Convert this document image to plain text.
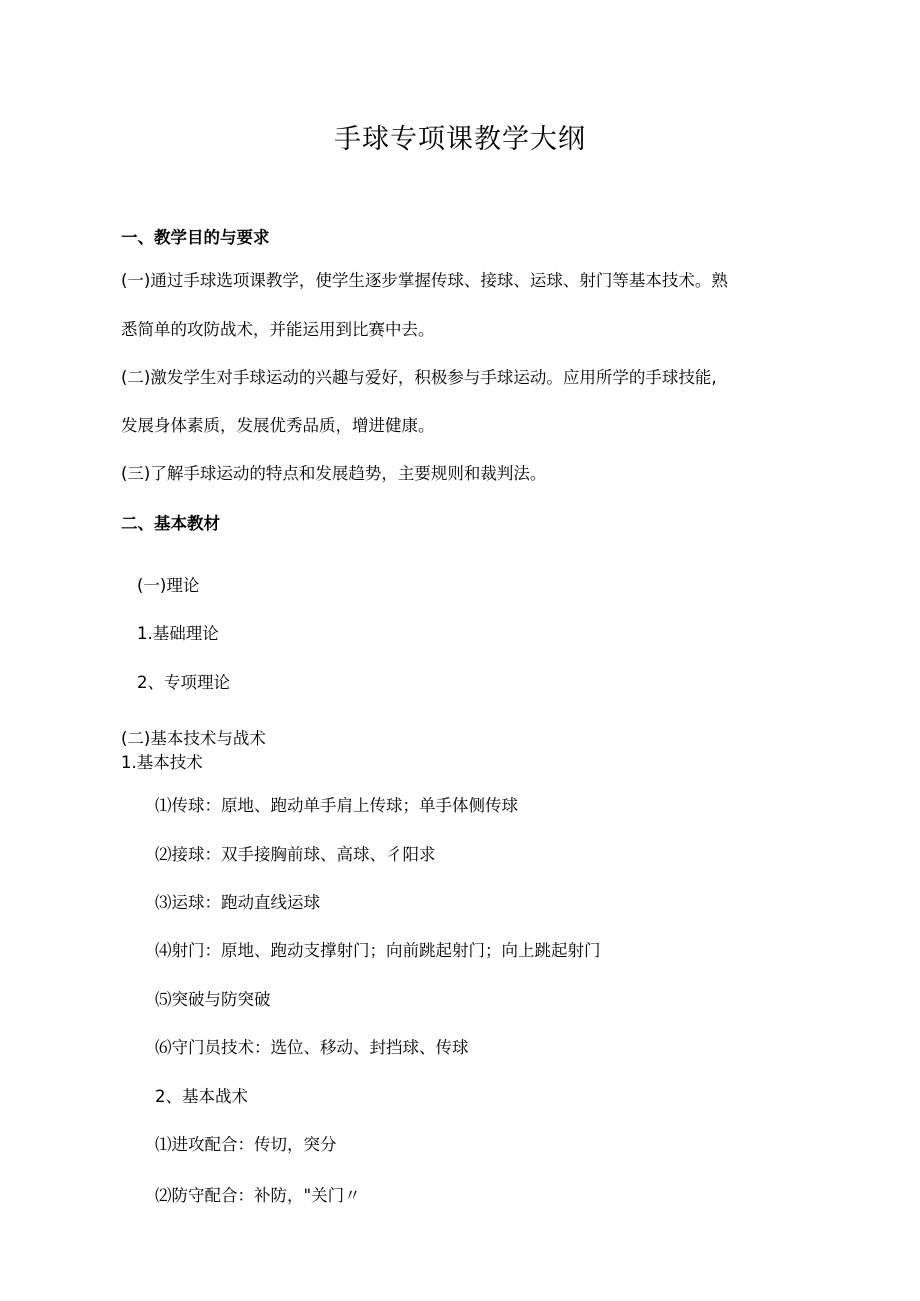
手球专项课教学大纲
一、教学目的与要求
(一)通过手球选项课教学，使学生逐步掌握传球、接球、运球、射门等基本技术。熟
悉简单的攻防战术，并能运用到比赛中去。
(二)激发学生对手球运动的兴趣与爱好，积极参与手球运动。应用所学的手球技能,
发展身体素质，发展优秀品质，增进健康。
(三)了解手球运动的特点和发展趋势，主要规则和裁判法。
二、基本教材
(一)理论
1.基础理论
2、专项理论
(二)基本技术与战术
1.基本技术
⑴传球：原地、跑动单手肩上传球；单手体侧传球
⑵接球：双手接胸前球、高球、彳阳求
⑶运球：跑动直线运球
⑷射门：原地、跑动支撑射门；向前跳起射门；向上跳起射门
⑸突破与防突破
⑹守门员技术：选位、移动、封挡球、传球
2、基本战术
⑴进攻配合：传切，突分
⑵防守配合：补防，"关门〃
